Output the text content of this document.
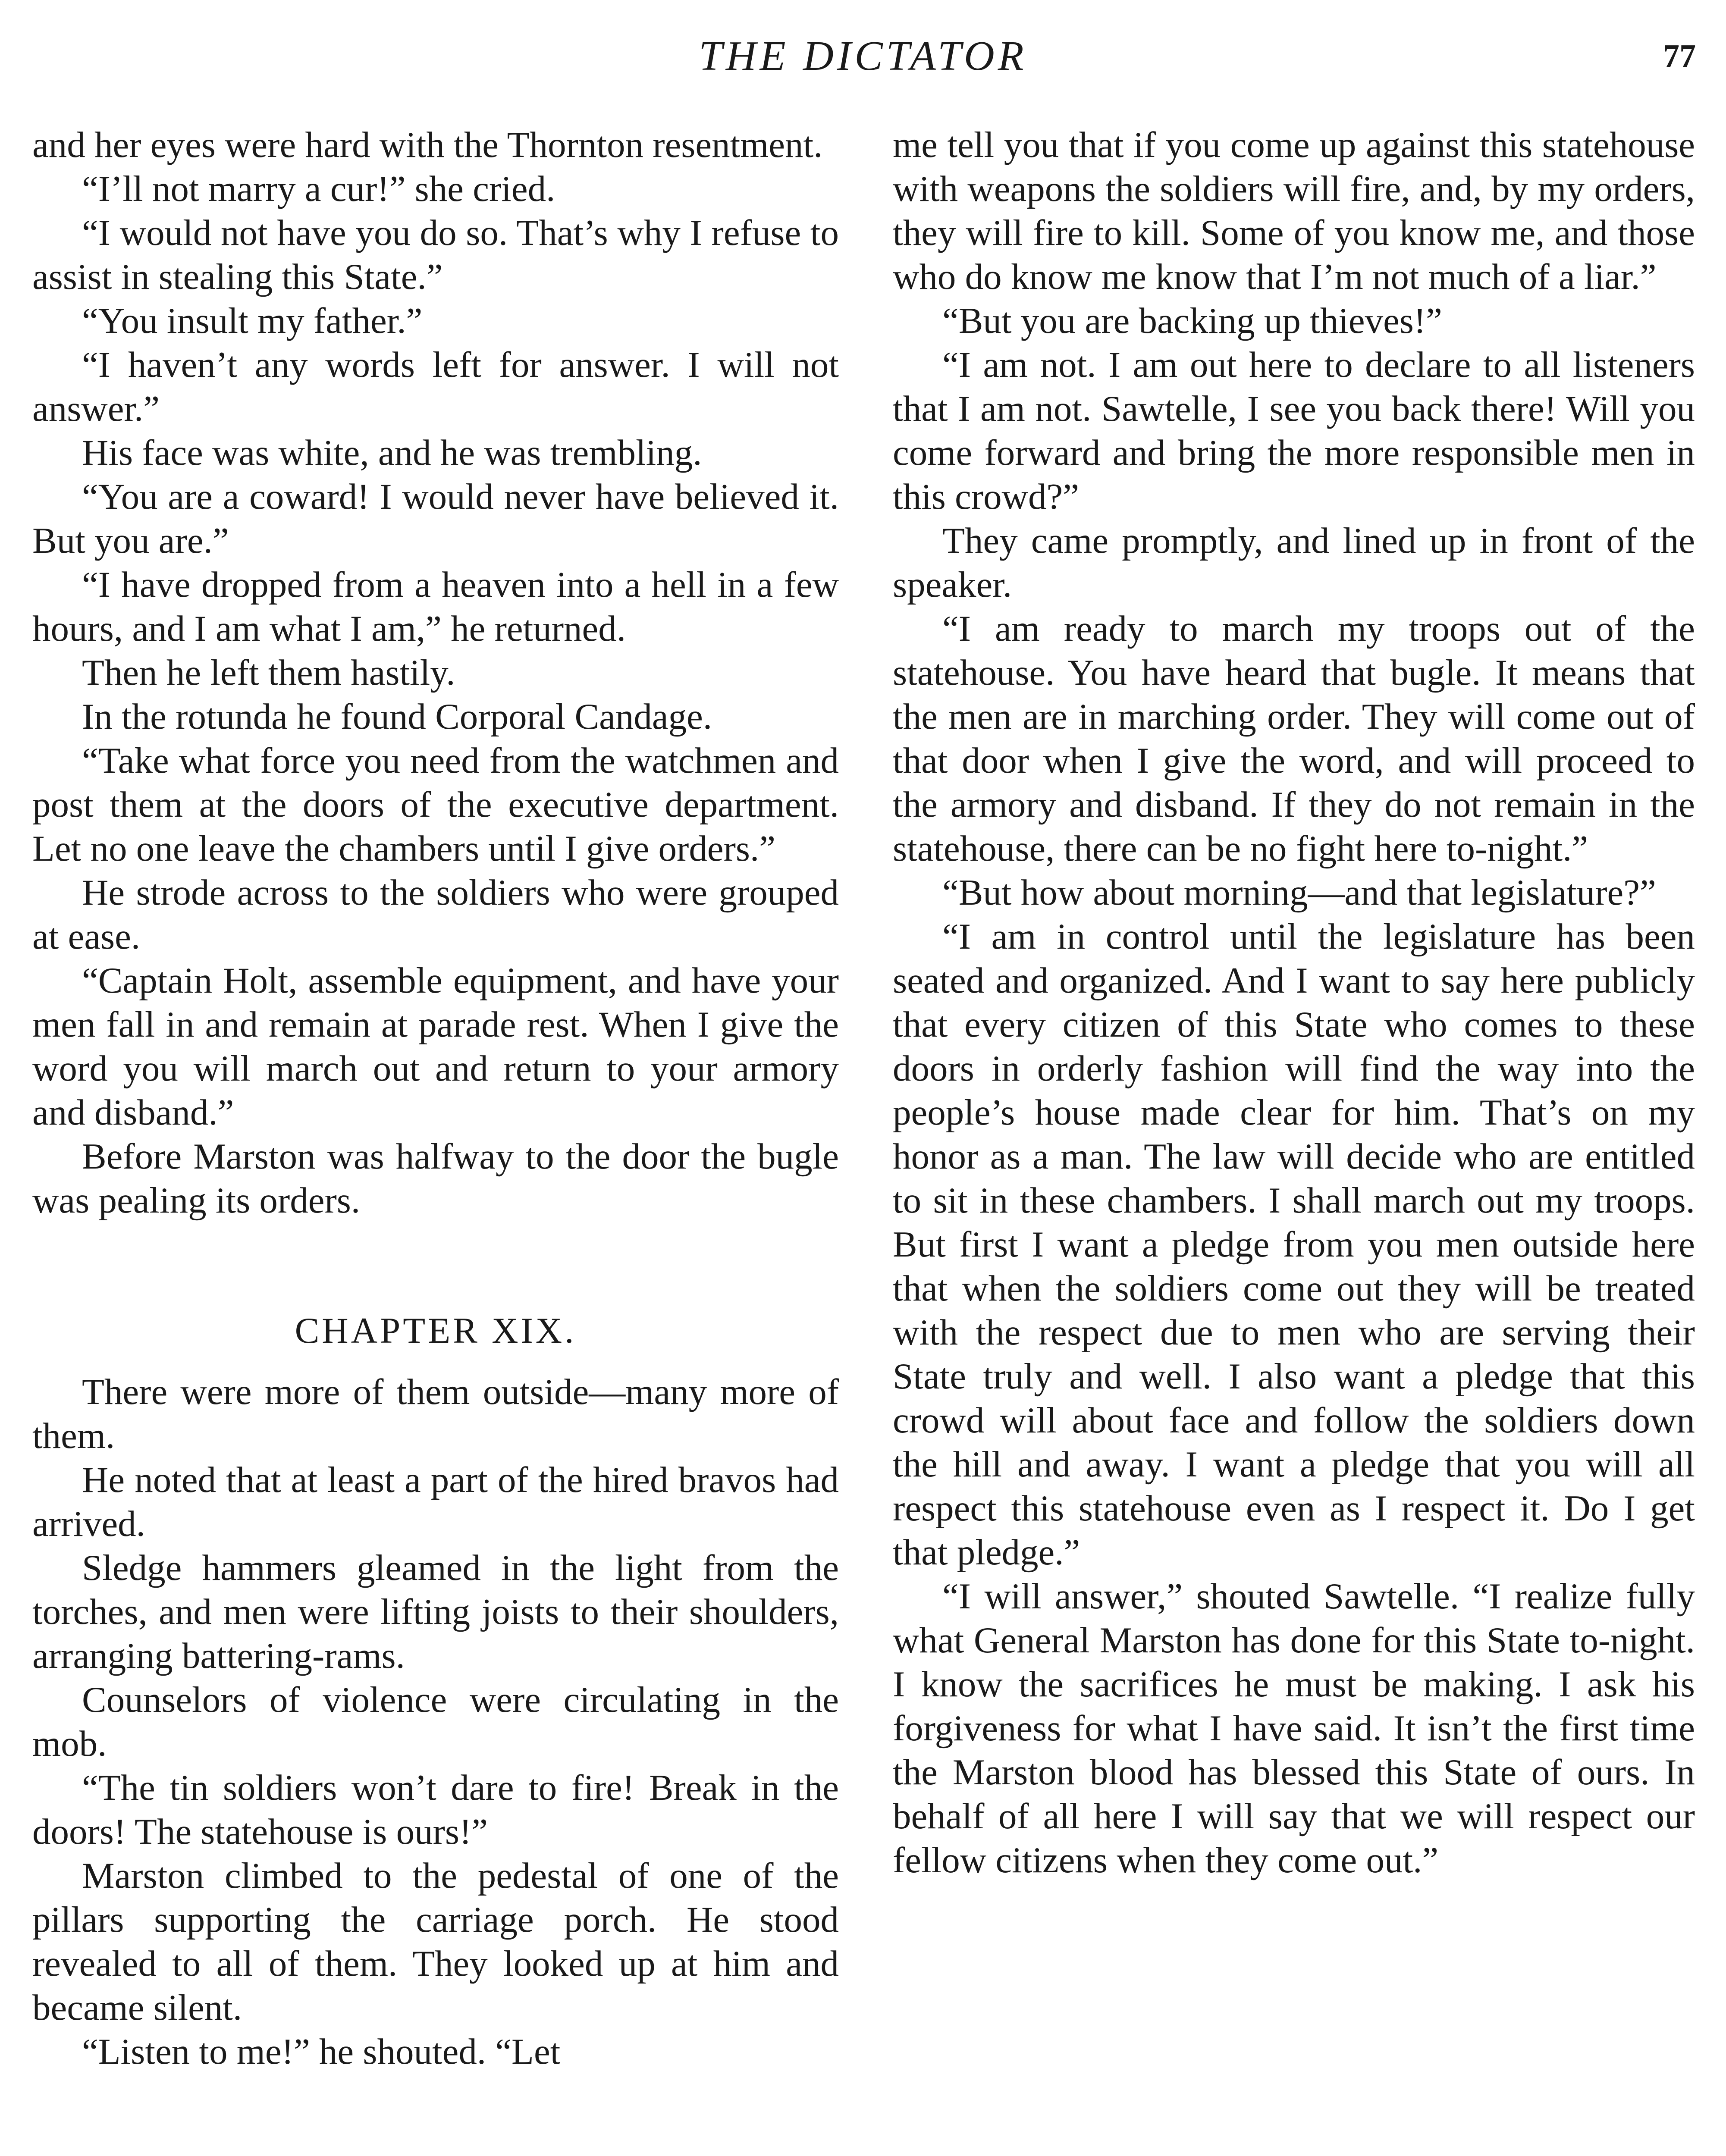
THE DICTATOR	77

and her eyes were hard with the Thornton resentment.

“I’ll not marry a cur!” she cried.

“I would not have you do so. That’s why I refuse to assist in stealing this State.”

“You insult my father.”

“I haven’t any words left for answer. I will not answer.”

His face was white, and he was trembling.

“You are a coward! I would never have believed it. But you are.”

“I have dropped from a heaven into a hell in a few hours, and I am what I am,” he returned.

Then he left them hastily.

In the rotunda he found Corporal Candage.

“Take what force you need from the watchmen and post them at the doors of the executive department. Let no one leave the chambers until I give orders.”

He strode across to the soldiers who were grouped at ease.

“Captain Holt, assemble equipment, and have your men fall in and remain at parade rest. When I give the word you will march out and return to your armory and disband.”

Before Marston was halfway to the door the bugle was pealing its orders.

CHAPTER XIX.

There were more of them outside—many more of them.

He noted that at least a part of the hired bravos had arrived.

Sledge hammers gleamed in the light from the torches, and men were lifting joists to their shoulders, arranging battering-rams.

Counselors of violence were circulating in the mob.

“The tin soldiers won’t dare to fire! Break in the doors! The statehouse is ours!”

Marston climbed to the pedestal of one of the pillars supporting the carriage porch. He stood revealed to all of them. They looked up at him and became silent.

“Listen to me!” he shouted. “Let

me tell you that if you come up against this statehouse with weapons the soldiers will fire, and, by my orders, they will fire to kill. Some of you know me, and those who do know me know that I’m not much of a liar.”

“But you are backing up thieves!”

“I am not. I am out here to declare to all listeners that I am not. Sawtelle, I see you back there! Will you come forward and bring the more responsible men in this crowd?”

They came promptly, and lined up in front of the speaker.

“I am ready to march my troops out of the statehouse. You have heard that bugle. It means that the men are in marching order. They will come out of that door when I give the word, and will proceed to the armory and disband. If they do not remain in the statehouse, there can be no fight here to-night.”

“But how about morning—and that legislature?”

“I am in control until the legislature has been seated and organized. And I want to say here publicly that every citizen of this State who comes to these doors in orderly fashion will find the way into the people’s house made clear for him. That’s on my honor as a man. The law will decide who are entitled to sit in these chambers. I shall march out my troops. But first I want a pledge from you men outside here that when the soldiers come out they will be treated with the respect due to men who are serving their State truly and well. I also want a pledge that this crowd will about face and follow the soldiers down the hill and away. I want a pledge that you will all respect this statehouse even as I respect it. Do I get that pledge.”

“I will answer,” shouted Sawtelle. “I realize fully what General Marston has done for this State to-night. I know the sacrifices he must be making. I ask his forgiveness for what I have said. It isn’t the first time the Marston blood has blessed this State of ours. In behalf of all here I will say that we will respect our fellow citizens when they come out.”
